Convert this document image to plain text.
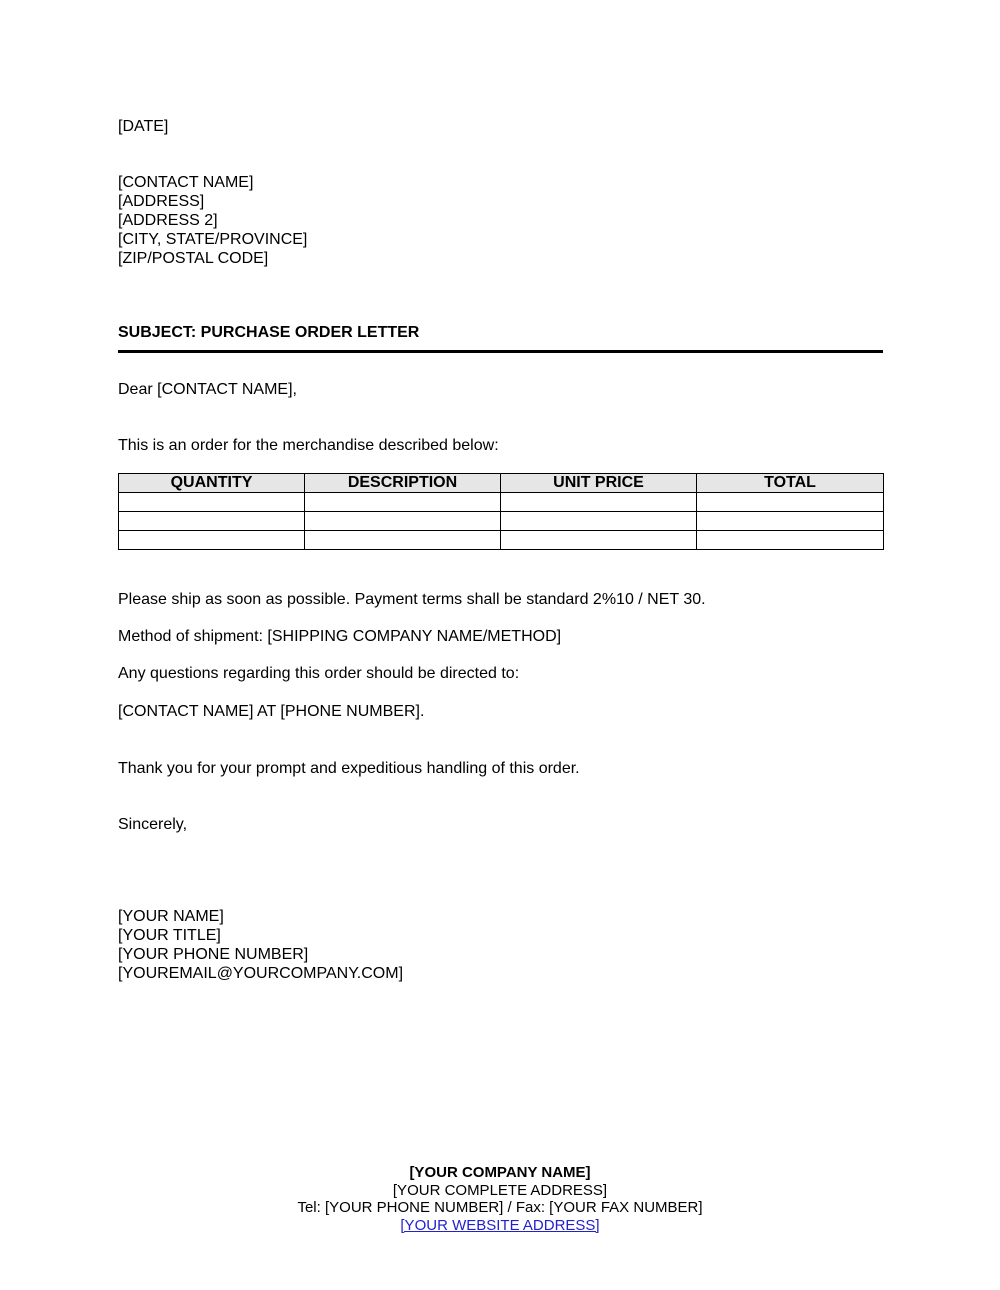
[DATE]
[CONTACT NAME]
[ADDRESS]
[ADDRESS 2]
[CITY, STATE/PROVINCE]
[ZIP/POSTAL CODE]
SUBJECT: PURCHASE ORDER LETTER
Dear [CONTACT NAME],
This is an order for the merchandise described below:
QUANTITY	DESCRIPTION	UNIT PRICE	TOTAL

Please ship as soon as possible. Payment terms shall be standard 2%10 / NET 30.
Method of shipment: [SHIPPING COMPANY NAME/METHOD]
Any questions regarding this order should be directed to:
[CONTACT NAME] AT [PHONE NUMBER].
Thank you for your prompt and expeditious handling of this order.
Sincerely,
[YOUR NAME]
[YOUR TITLE]
[YOUR PHONE NUMBER]
[YOUREMAIL@YOURCOMPANY.COM]
[YOUR COMPANY NAME]
[YOUR COMPLETE ADDRESS]
Tel: [YOUR PHONE NUMBER] / Fax: [YOUR FAX NUMBER]
[YOUR WEBSITE ADDRESS]
